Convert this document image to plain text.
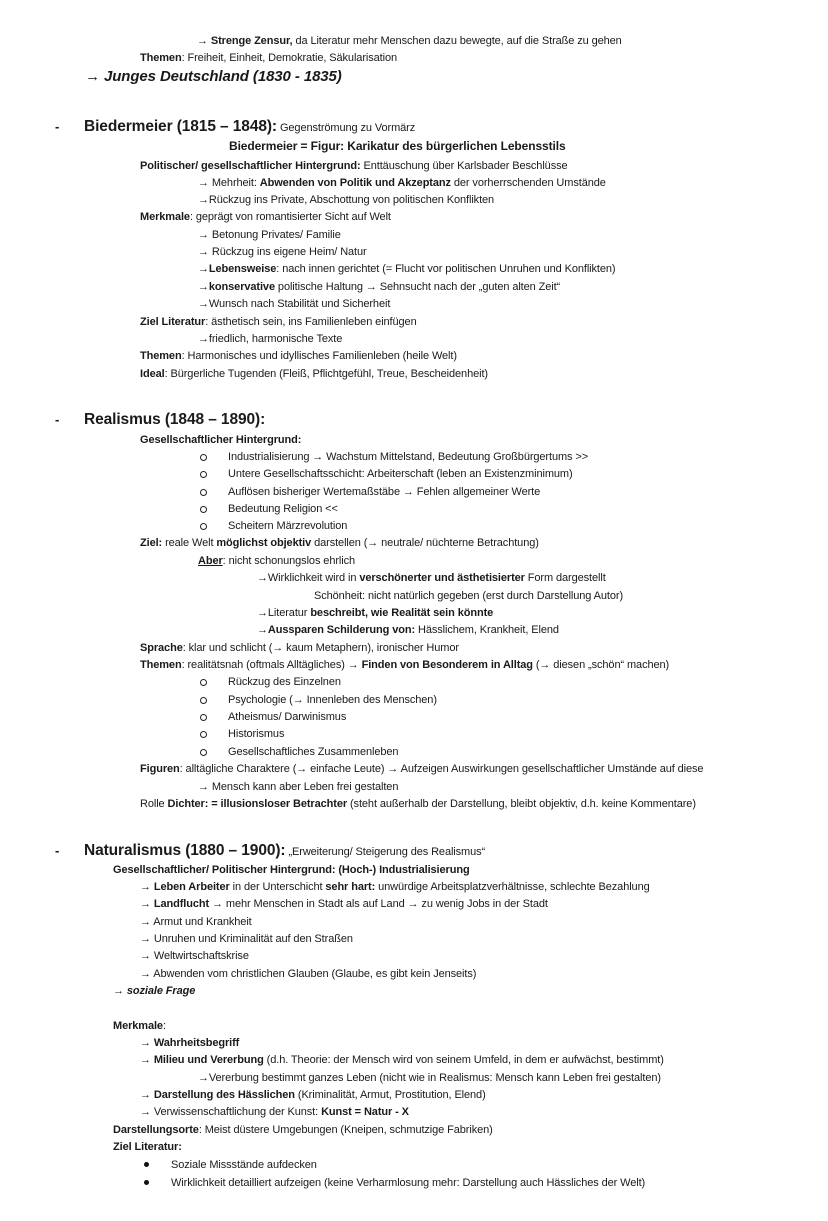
→ Strenge Zensur, da Literatur mehr Menschen dazu bewegte, auf die Straße zu gehen
Themen: Freiheit, Einheit, Demokratie, Säkularisation
→ Junges Deutschland (1830 - 1835)
- Biedermeier (1815 – 1848): Gegenströmung zu Vormärz
Biedermeier = Figur: Karikatur des bürgerlichen Lebensstils
Politischer/ gesellschaftlicher Hintergrund: Enttäuschung über Karlsbader Beschlüsse
→ Mehrheit: Abwenden von Politik und Akzeptanz der vorherrschenden Umstände
→Rückzug ins Private, Abschottung von politischen Konflikten
Merkmale: geprägt von romantisierter Sicht auf Welt
→ Betonung Privates/ Familie
→ Rückzug ins eigene Heim/ Natur
→Lebensweise: nach innen gerichtet (= Flucht vor politischen Unruhen und Konflikten)
→konservative politische Haltung → Sehnsucht nach der „guten alten Zeit“
→Wunsch nach Stabilität und Sicherheit
Ziel Literatur: ästhetisch sein, ins Familienleben einfügen
→friedlich, harmonische Texte
Themen: Harmonisches und idyllisches Familienleben (heile Welt)
Ideal: Bürgerliche Tugenden (Fleiß, Pflichtgefühl, Treue, Bescheidenheit)
- Realismus (1848 – 1890):
Gesellschaftlicher Hintergrund:
Industrialisierung → Wachstum Mittelstand, Bedeutung Großbürgertums >>
Untere Gesellschaftsschicht: Arbeiterschaft (leben an Existenzminimum)
Auflösen bisheriger Wertemaßstäbe → Fehlen allgemeiner Werte
Bedeutung Religion <<
Scheitern Märzrevolution
Ziel: reale Welt möglichst objektiv darstellen (→ neutrale/ nüchterne Betrachtung)
Aber: nicht schonungslos ehrlich
→Wirklichkeit wird in verschönerter und ästhetisierter Form dargestellt
Schönheit: nicht natürlich gegeben (erst durch Darstellung Autor)
→Literatur beschreibt, wie Realität sein könnte
→Aussparen Schilderung von: Hässlichem, Krankheit, Elend
Sprache: klar und schlicht (→ kaum Metaphern), ironischer Humor
Themen: realitätsnah (oftmals Alltägliches) → Finden von Besonderem in Alltag (→ diesen „schön“ machen)
Rückzug des Einzelnen
Psychologie (→ Innenleben des Menschen)
Atheismus/ Darwinismus
Historismus
Gesellschaftliches Zusammenleben
Figuren: alltägliche Charaktere (→ einfache Leute) → Aufzeigen Auswirkungen gesellschaftlicher Umstände auf diese
→ Mensch kann aber Leben frei gestalten
Rolle Dichter: = illusionsloser Betrachter (steht außerhalb der Darstellung, bleibt objektiv, d.h. keine Kommentare)
- Naturalismus (1880 – 1900): „Erweiterung/ Steigerung des Realismus“
Gesellschaftlicher/ Politischer Hintergrund: (Hoch-) Industrialisierung
→ Leben Arbeiter in der Unterschicht sehr hart: unwürdige Arbeitsplatzverhältnisse, schlechte Bezahlung
→ Landflucht → mehr Menschen in Stadt als auf Land → zu wenig Jobs in der Stadt
→ Armut und Krankheit
→ Unruhen und Kriminalität auf den Straßen
→ Weltwirtschaftskrise
→ Abwenden vom christlichen Glauben (Glaube, es gibt kein Jenseits)
→ soziale Frage
Merkmale:
→ Wahrheitsbegriff
→ Milieu und Vererbung (d.h. Theorie: der Mensch wird von seinem Umfeld, in dem er aufwächst, bestimmt)
→Vererbung bestimmt ganzes Leben (nicht wie in Realismus: Mensch kann Leben frei gestalten)
→ Darstellung des Hässlichen (Kriminalität, Armut, Prostitution, Elend)
→ Verwissenschaftlichung der Kunst: Kunst = Natur - X
Darstellungsorte: Meist düstere Umgebungen (Kneipen, schmutzige Fabriken)
Ziel Literatur:
Soziale Missstände aufdecken
Wirklichkeit detailliert aufzeigen (keine Verharmlosung mehr: Darstellung auch Hässliches der Welt)
